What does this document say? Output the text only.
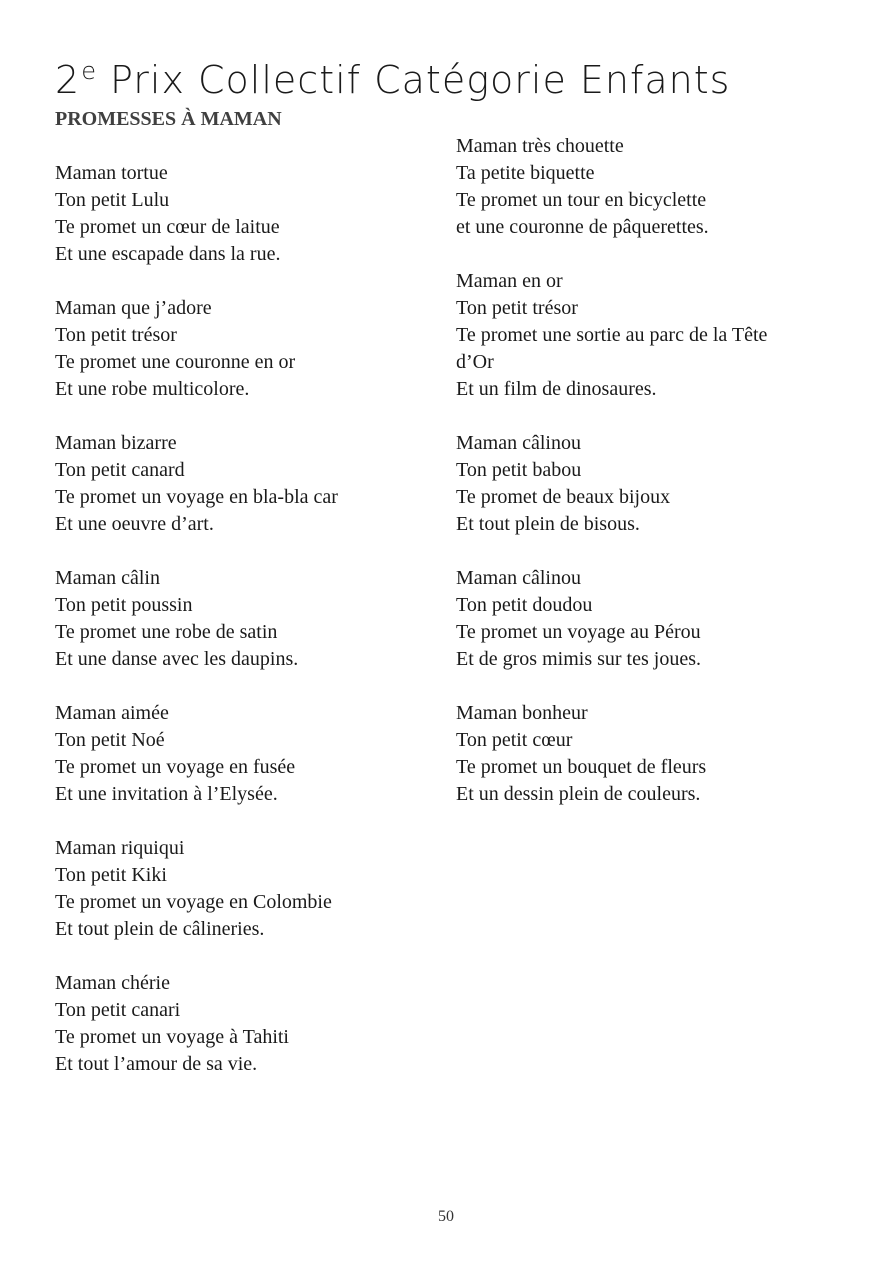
2e Prix Collectif Catégorie Enfants
PROMESSES À MAMAN

Maman tortue
Ton petit Lulu
Te promet un cœur de laitue
Et une escapade dans la rue.

Maman que j’adore
Ton petit trésor
Te promet une couronne en or
Et une robe multicolore.

Maman bizarre
Ton petit canard
Te promet un voyage en bla-bla car
Et une oeuvre d’art.

Maman câlin
Ton petit poussin
Te promet une robe de satin
Et une danse avec les daupins.

Maman aimée
Ton petit Noé
Te promet un voyage en fusée
Et une invitation à l’Elysée.

Maman riquiqui
Ton petit Kiki
Te promet un voyage en Colombie
Et tout plein de câlineries.

Maman chérie
Ton petit canari
Te promet un voyage à Tahiti
Et tout l’amour de sa vie.

Maman très chouette
Ta petite biquette
Te promet un tour en bicyclette
et une couronne de pâquerettes.

Maman en or
Ton petit trésor
Te promet une sortie au parc de la Tête
d’Or
Et un film de dinosaures.

Maman câlinou
Ton petit babou
Te promet de beaux bijoux
Et tout plein de bisous.

Maman câlinou
Ton petit doudou
Te promet un voyage au Pérou
Et de gros mimis sur tes joues.

Maman bonheur
Ton petit cœur
Te promet un bouquet de fleurs
Et un dessin plein de couleurs.

50
